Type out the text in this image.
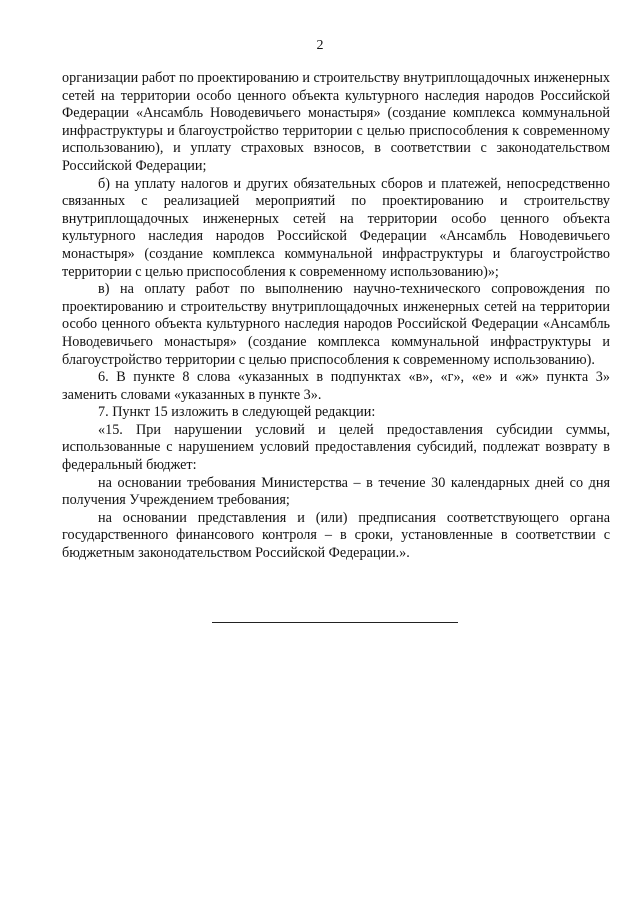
2

организации работ по проектированию и строительству внутриплощадочных инженерных сетей на территории особо ценного объекта культурного наследия народов Российской Федерации «Ансамбль Новодевичьего монастыря» (создание комплекса коммунальной инфраструктуры и благоустройство территории с целью приспособления к современному использованию), и уплату страховых взносов, в соответствии с законодательством Российской Федерации;

б) на уплату налогов и других обязательных сборов и платежей, непосредственно связанных с реализацией мероприятий по проектированию и строительству внутриплощадочных инженерных сетей на территории особо ценного объекта культурного наследия народов Российской Федерации «Ансамбль Новодевичьего монастыря» (создание комплекса коммунальной инфраструктуры и благоустройство территории с целью приспособления к современному использованию)»;

в) на оплату работ по выполнению научно-технического сопровождения по проектированию и строительству внутриплощадочных инженерных сетей на территории особо ценного объекта культурного наследия народов Российской Федерации «Ансамбль Новодевичьего монастыря» (создание комплекса коммунальной инфраструктуры и благоустройство территории с целью приспособления к современному использованию).

6. В пункте 8 слова «указанных в подпунктах «в», «г», «е» и «ж» пункта 3» заменить словами «указанных в пункте 3».

7. Пункт 15 изложить в следующей редакции:

«15. При нарушении условий и целей предоставления субсидии суммы, использованные с нарушением условий предоставления субсидий, подлежат возврату в федеральный бюджет:

на основании требования Министерства – в течение 30 календарных дней со дня получения Учреждением требования;

на основании представления и (или) предписания соответствующего органа государственного финансового контроля – в сроки, установленные в соответствии с бюджетным законодательством Российской Федерации.».
